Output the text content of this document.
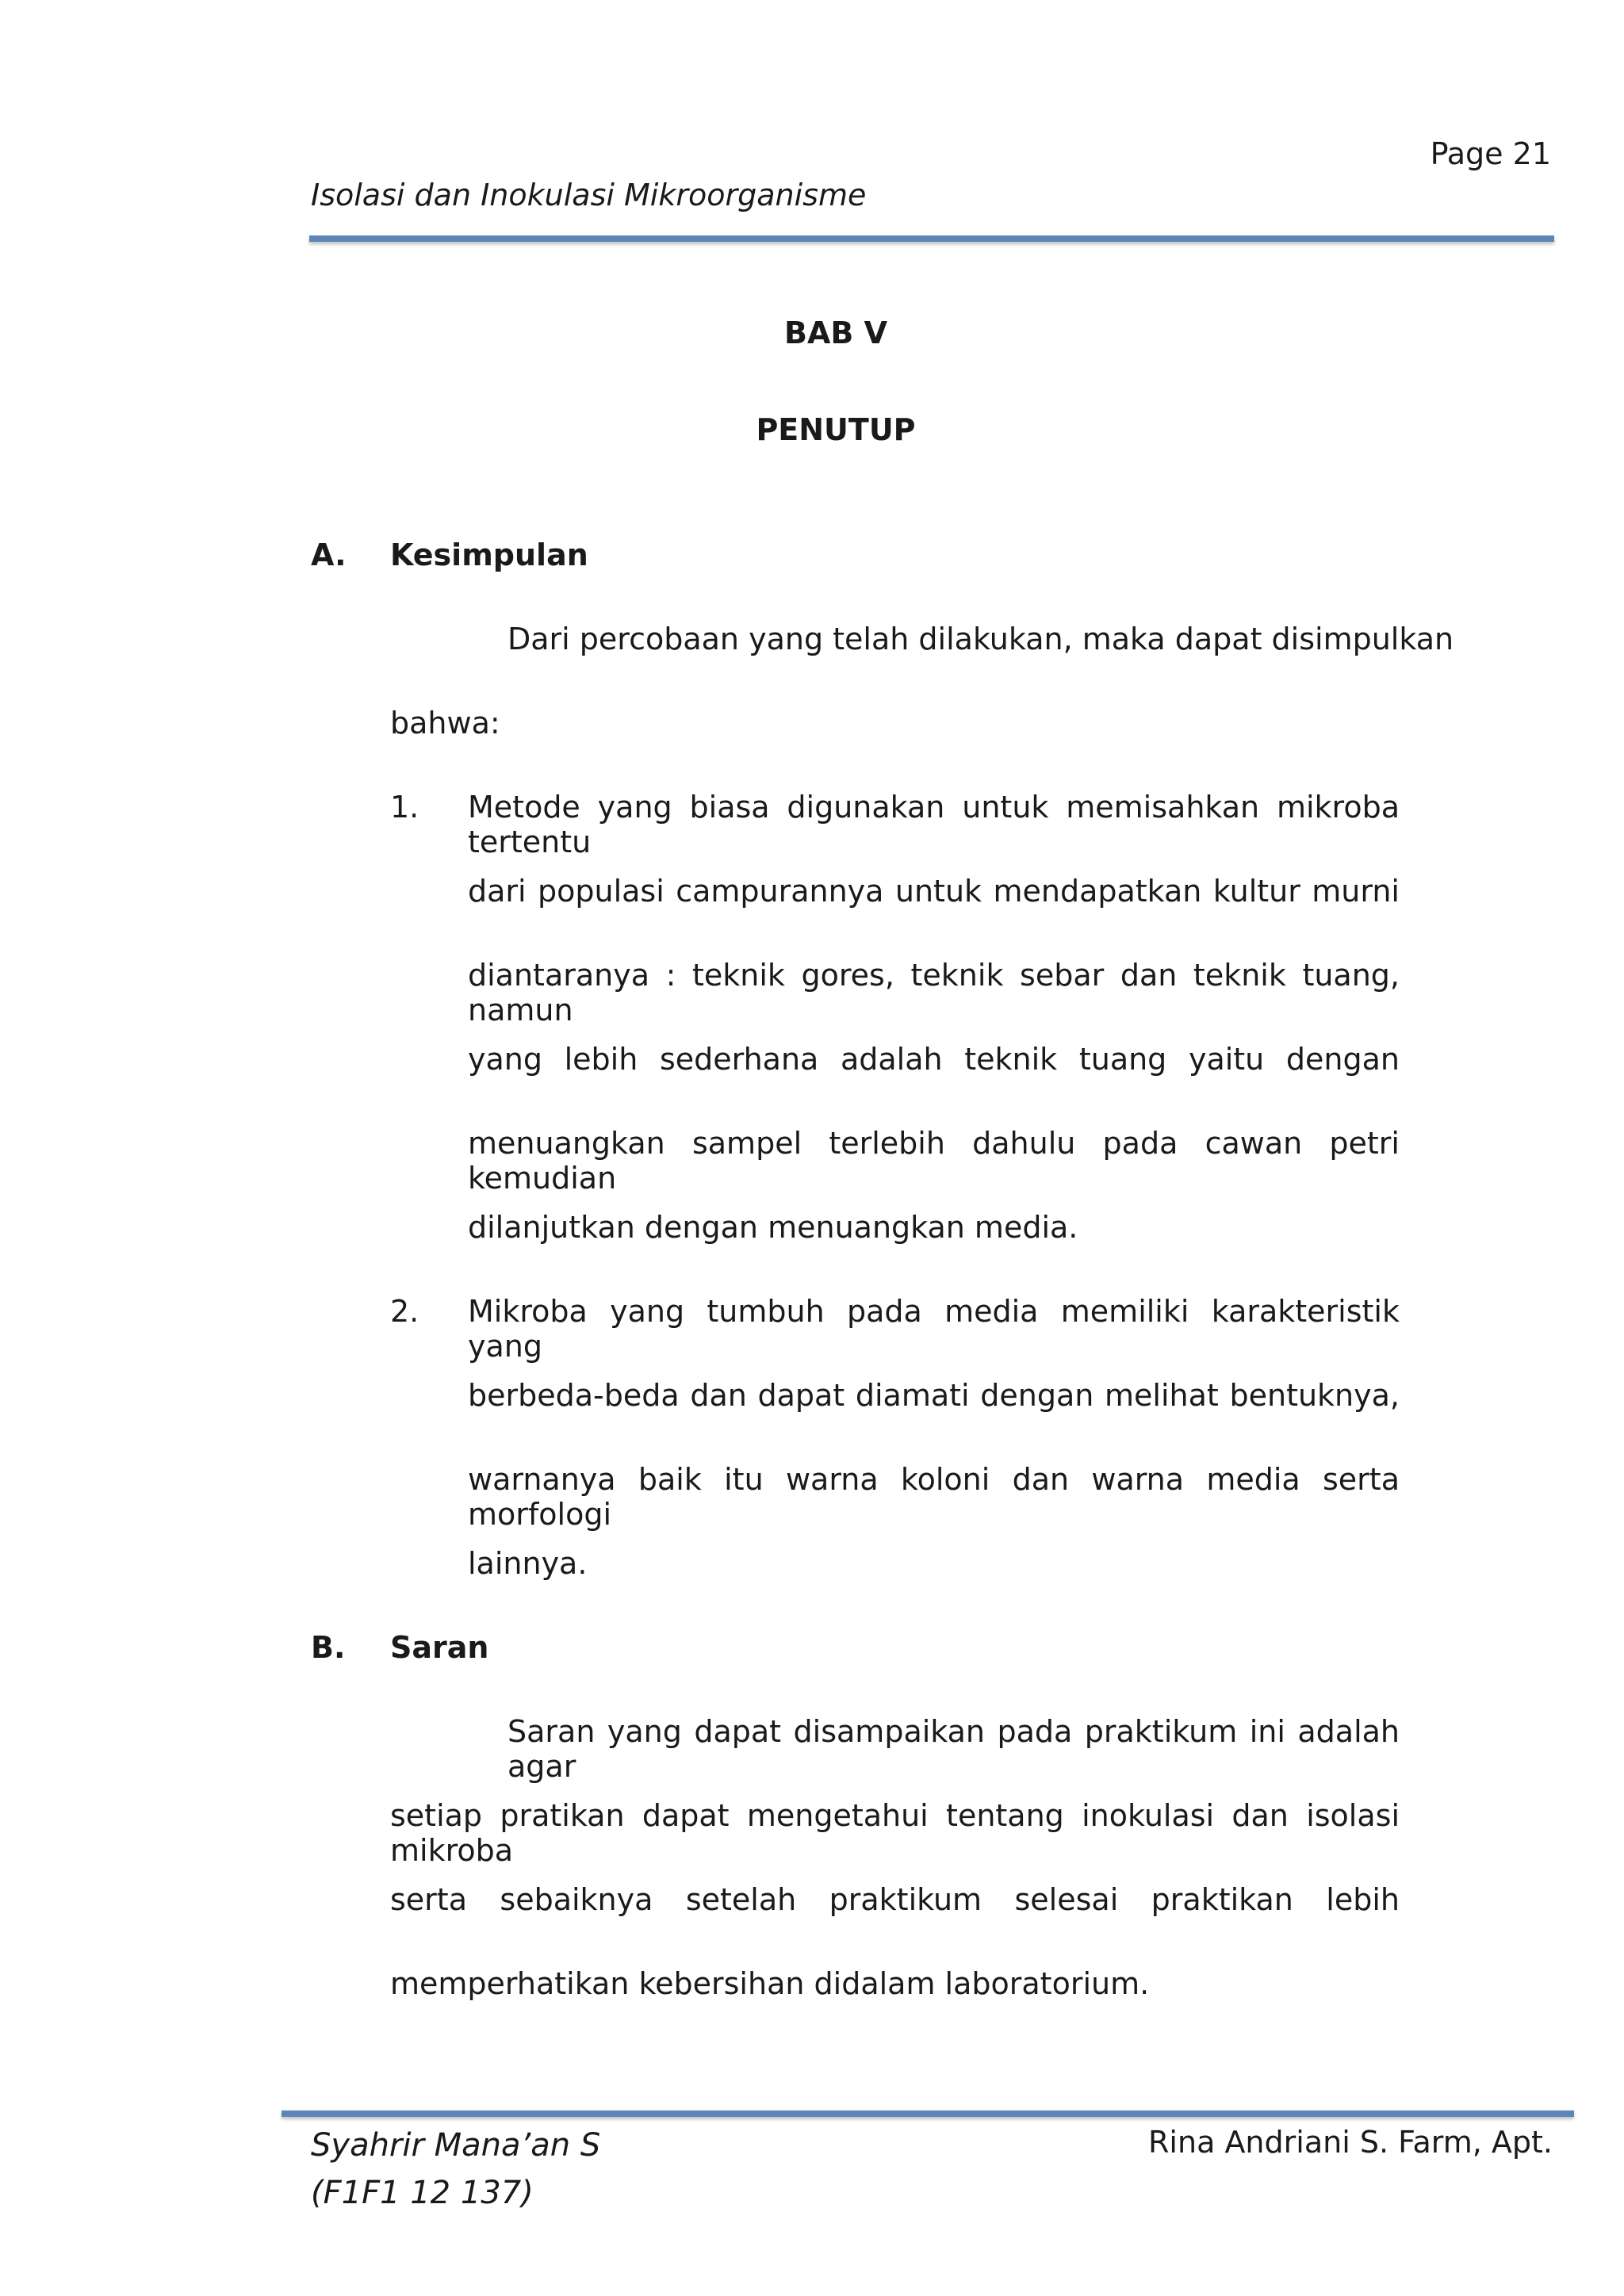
Page 21

Isolasi dan Inokulasi Mikroorganisme

BAB V

PENUTUP

A. Kesimpulan

Dari percobaan yang telah dilakukan, maka dapat disimpulkan

bahwa:

1. Metode yang biasa digunakan untuk memisahkan mikroba tertentu

dari populasi campurannya untuk mendapatkan kultur murni

diantaranya : teknik gores, teknik sebar dan teknik tuang, namun

yang lebih sederhana adalah teknik tuang yaitu dengan

menuangkan sampel terlebih dahulu pada cawan petri kemudian

dilanjutkan dengan menuangkan media.

2. Mikroba yang tumbuh pada media memiliki karakteristik yang

berbeda-beda dan dapat diamati dengan melihat bentuknya,

warnanya baik itu warna koloni dan warna media serta morfologi

lainnya.

B. Saran

Saran yang dapat disampaikan pada praktikum ini adalah agar

setiap pratikan dapat mengetahui tentang inokulasi dan isolasi mikroba

serta sebaiknya setelah praktikum selesai praktikan lebih

memperhatikan kebersihan didalam laboratorium.

Syahrir Mana’an S
(F1F1 12 137)

Rina Andriani S. Farm, Apt.
